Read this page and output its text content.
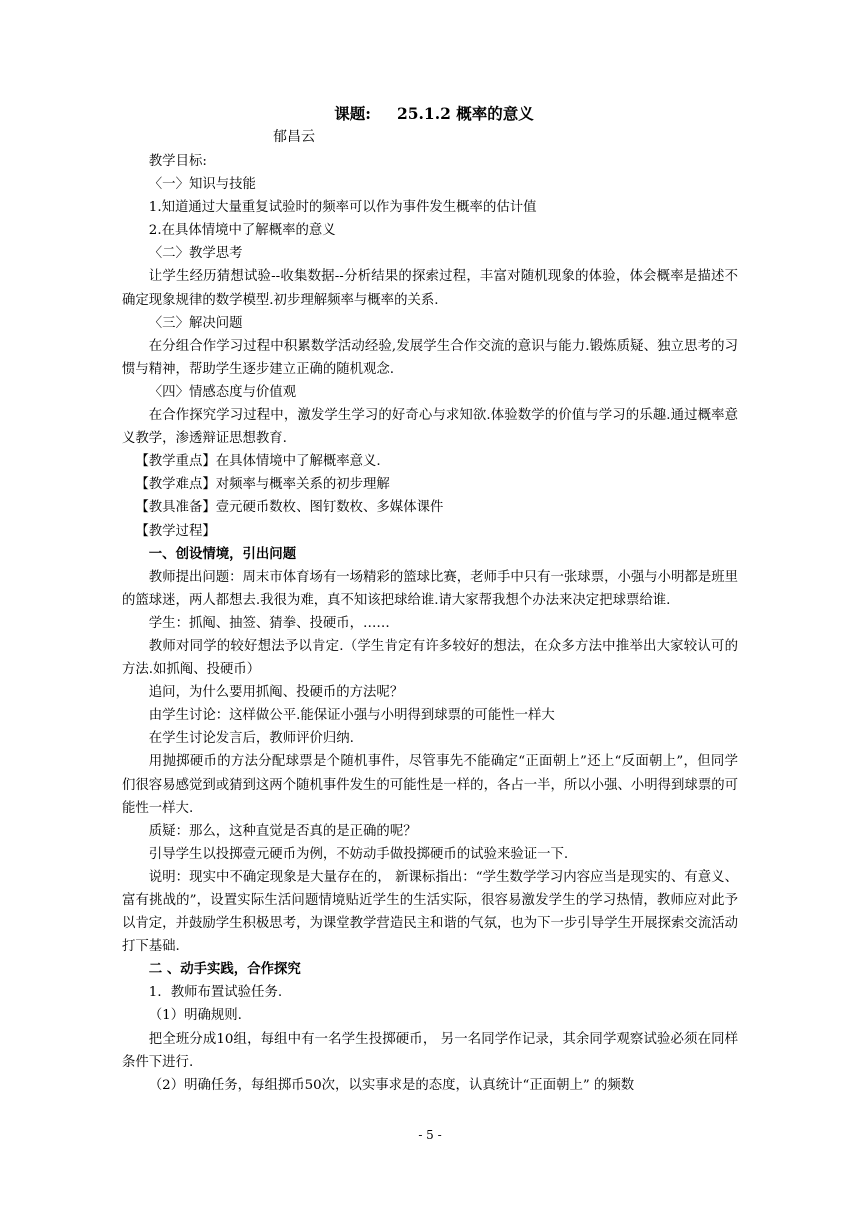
课题: 25.1.2 概率的意义

郁昌云

教学目标:

〈一〉知识与技能

1.知道通过大量重复试验时的频率可以作为事件发生概率的估计值

2.在具体情境中了解概率的意义

〈二〉教学思考

让学生经历猜想试验--收集数据--分析结果的探索过程，丰富对随机现象的体验，体会概率是描述不确定现象规律的数学模型.初步理解频率与概率的关系.

〈三〉解决问题

在分组合作学习过程中积累数学活动经验,发展学生合作交流的意识与能力.锻炼质疑、独立思考的习惯与精神，帮助学生逐步建立正确的随机观念.

〈四〉情感态度与价值观

在合作探究学习过程中，激发学生学习的好奇心与求知欲.体验数学的价值与学习的乐趣.通过概率意义教学，渗透辩证思想教育.

【教学重点】在具体情境中了解概率意义.

【教学难点】对频率与概率关系的初步理解

【教具准备】壹元硬币数枚、图钉数枚、多媒体课件

【教学过程】

一、创设情境，引出问题

教师提出问题：周末市体育场有一场精彩的篮球比赛，老师手中只有一张球票，小强与小明都是班里的篮球迷，两人都想去.我很为难，真不知该把球给谁.请大家帮我想个办法来决定把球票给谁.

学生：抓阄、抽签、猜拳、投硬币，……

教师对同学的较好想法予以肯定.（学生肯定有许多较好的想法，在众多方法中推举出大家较认可的方法.如抓阄、投硬币）

追问，为什么要用抓阄、投硬币的方法呢？

由学生讨论：这样做公平.能保证小强与小明得到球票的可能性一样大

在学生讨论发言后，教师评价归纳.

用抛掷硬币的方法分配球票是个随机事件，尽管事先不能确定“正面朝上”还上“反面朝上”，但同学们很容易感觉到或猜到这两个随机事件发生的可能性是一样的，各占一半，所以小强、小明得到球票的可能性一样大.

质疑：那么，这种直觉是否真的是正确的呢？

引导学生以投掷壹元硬币为例，不妨动手做投掷硬币的试验来验证一下.

说明：现实中不确定现象是大量存在的， 新课标指出：“学生数学学习内容应当是现实的、有意义、富有挑战的”，设置实际生活问题情境贴近学生的生活实际，很容易激发学生的学习热情，教师应对此予以肯定，并鼓励学生积极思考，为课堂教学营造民主和谐的气氛，也为下一步引导学生开展探索交流活动打下基础.

二 、动手实践，合作探究

1．教师布置试验任务.

（1）明确规则.

把全班分成10组，每组中有一名学生投掷硬币， 另一名同学作记录，其余同学观察试验必须在同样条件下进行.

（2）明确任务，每组掷币50次，以实事求是的态度，认真统计“正面朝上” 的频数

- 5 -
